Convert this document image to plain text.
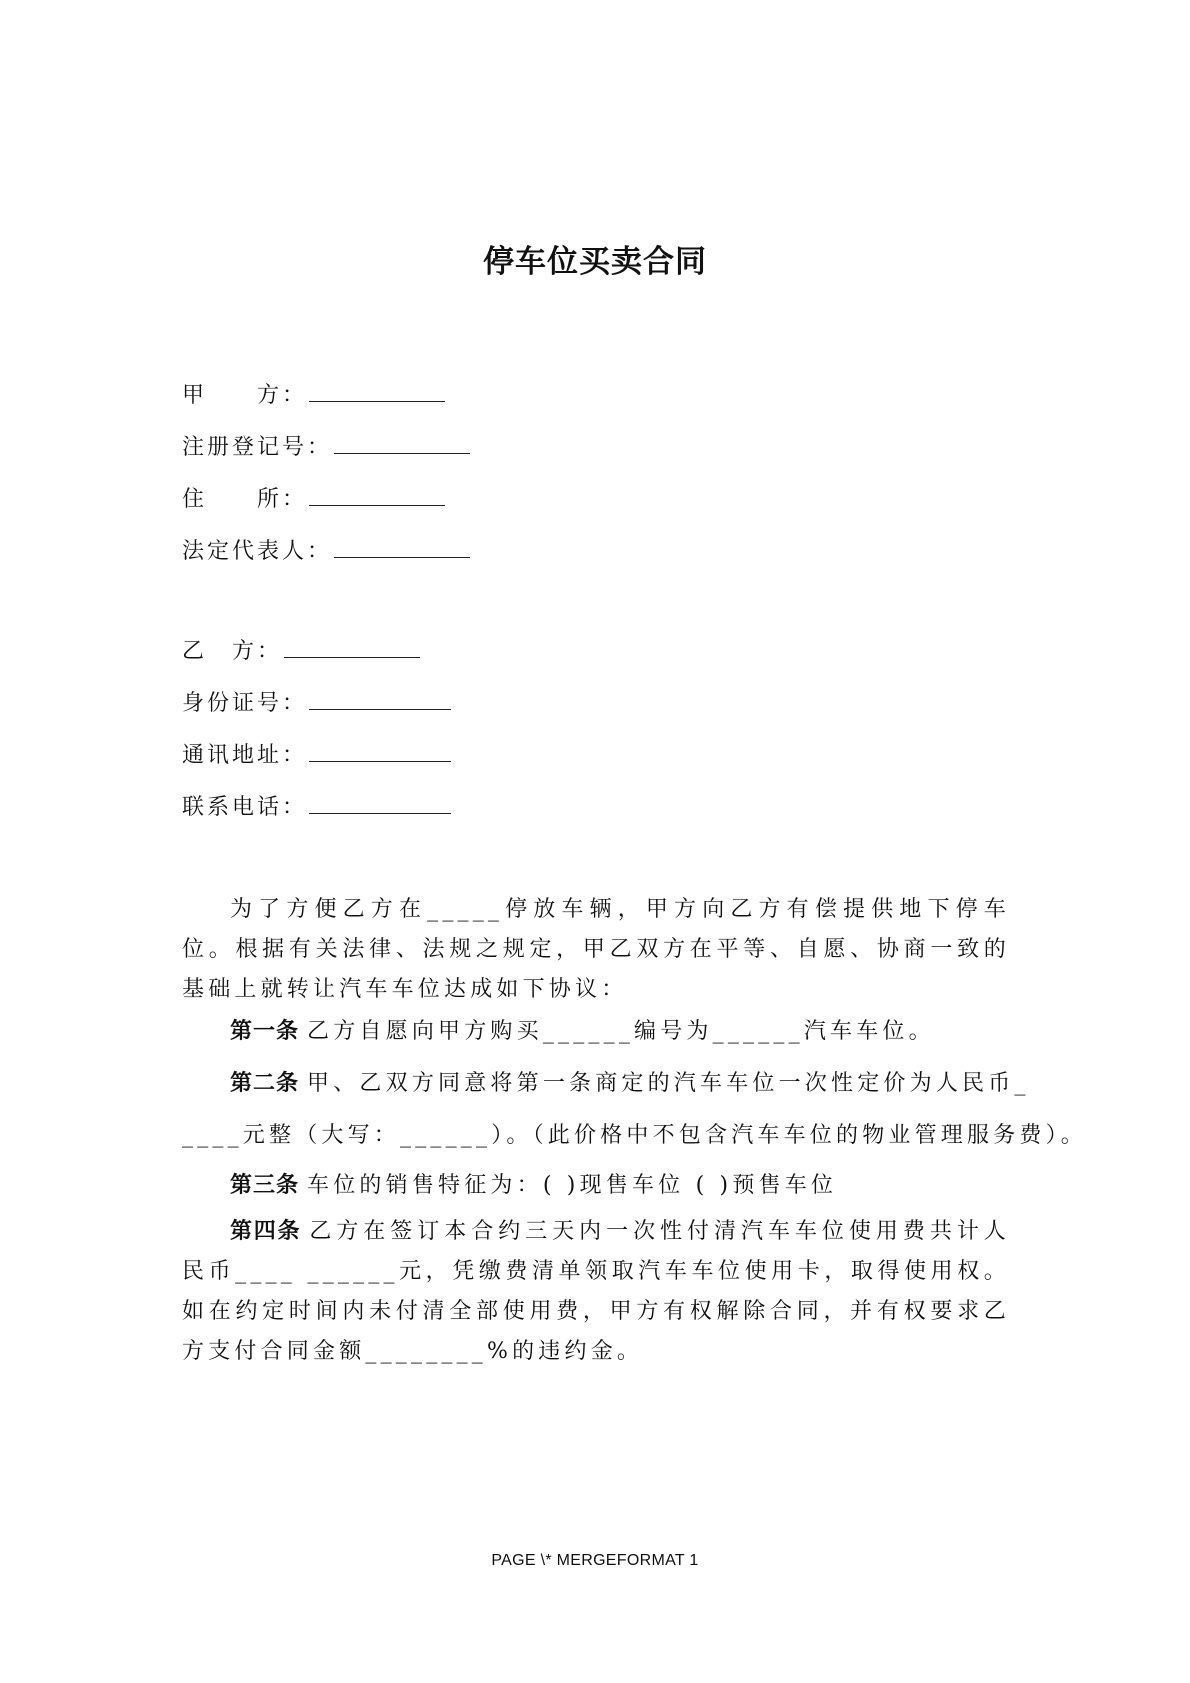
停车位买卖合同
甲　　方：
注册登记号：
住　　所：
法定代表人：
乙　方：
身份证号：
通讯地址：
联系电话：
为了方便乙方在_____停放车辆，甲方向乙方有偿提供地下停车位。根据有关法律、法规之规定，甲乙双方在平等、自愿、协商一致的基础上就转让汽车车位达成如下协议：
第一条 乙方自愿向甲方购买______编号为______汽车车位。
第二条 甲、乙双方同意将第一条商定的汽车车位一次性定价为人民币_
____元整（大写：______）。（此价格中不包含汽车车位的物业管理服务费）。
第三条 车位的销售特征为：( )现售车位 ( )预售车位
第四条 乙方在签订本合约三天内一次性付清汽车车位使用费共计人民币____ ______元，凭缴费清单领取汽车车位使用卡，取得使用权。如在约定时间内未付清全部使用费，甲方有权解除合同，并有权要求乙方支付合同金额________%的违约金。
PAGE \* MERGEFORMAT 1
